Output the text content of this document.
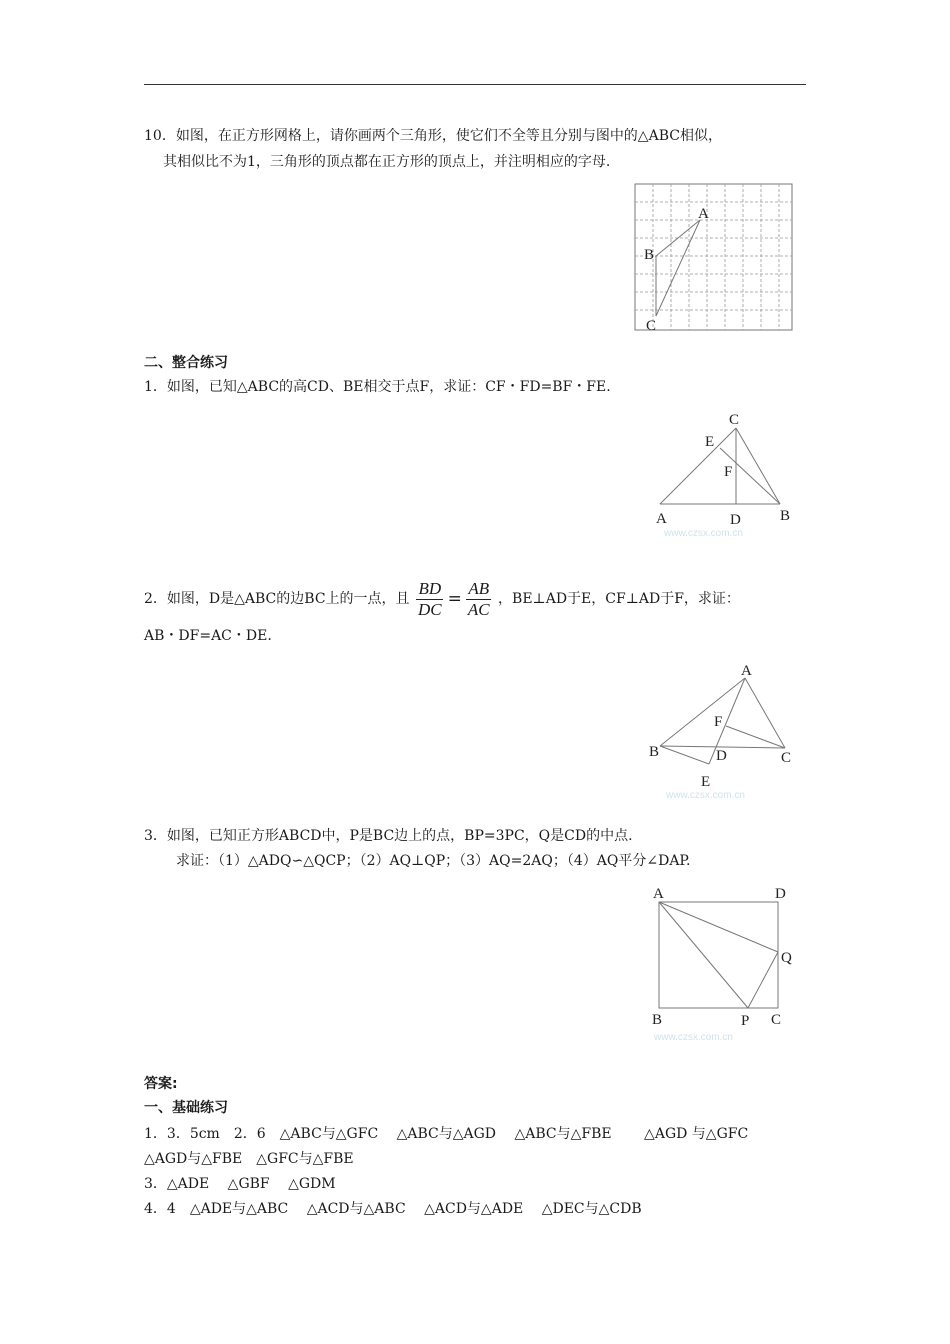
10．如图，在正方形网格上，请你画两个三角形，使它们不全等且分别与图中的△ABC相似，
其相似比不为1，三角形的顶点都在正方形的顶点上，并注明相应的字母.
A
B
C
二、整合练习
1．如图，已知△ABC的高CD、BE相交于点F，求证：CF・FD=BF・FE.
C
E
F
A	D	B
www.czsx.com.cn
2．如图，D是△ABC的边BC上的一点，且 $\frac{BD}{DC} = \frac{AB}{AC}$ ，BE⊥AD于E，CF⊥AD于F，求证：
AB・DF=AC・DE.
A
F
B	D	C
E
www.czsx.com.cn
3．如图，已知正方形ABCD中，P是BC边上的点，BP=3PC，Q是CD的中点.
求证：（1）△ADQ∽△QCP；（2）AQ⊥QP；（3）AQ=2AQ；（4）AQ平分∠DAP.
A	D
Q
B	P C
www.czsx.com.cn
答案:
一、基础练习
1．3．5cm　2．6　△ABC与△GFC　 △ABC与△AGD　 △ABC与△FBE　　 △AGD 与△GFC
△AGD与△FBE　△GFC与△FBE
3．△ADE　 △GBF　 △GDM
4．4　△ADE与△ABC　 △ACD与△ABC　 △ACD与△ADE　 △DEC与△CDB
